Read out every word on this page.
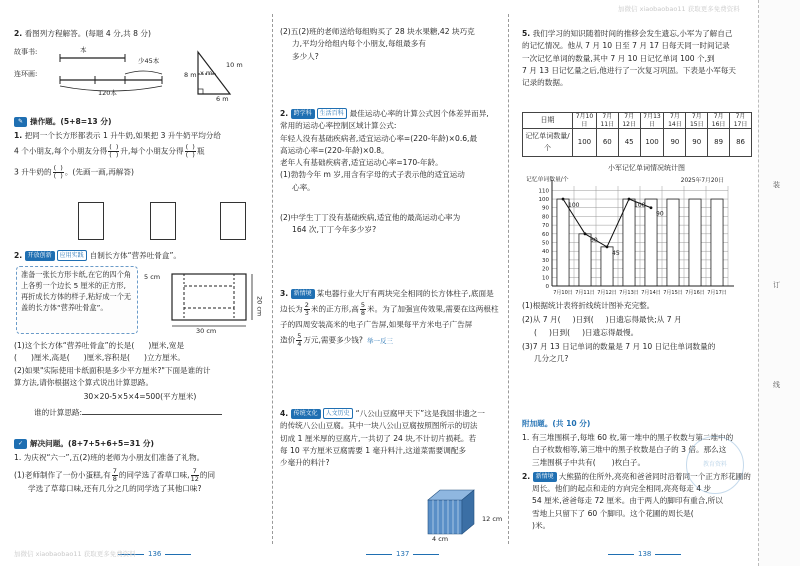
2. 看图列方程解答。(每题 4 分,共 8 分)
故事书:
连环画:
本
少45本
120本
8 m
10 m
6 m
x m
✎ 操作题。(5+8=13 分)
1. 把同一个长方形都表示 1 升牛奶,如果把 3 升牛奶平均分给
4 个小朋友,每个小朋友分得 $\frac{( )}{( )}$ 升,每个小朋友分得 $\frac{( )}{( )}$ 瓶
3 升牛奶的 $\frac{( )}{( )}$ 。(先画一画,再解答)
2. 开放创新 应用实践 自制长方体“营养吐骨盒”。
准备一张长方形卡纸,在它的四个角上各剪一个边长 5 厘米的正方形,再折成长方体的样子,粘好成一个无盖的长方体“营养吐骨盒”。
5 cm
30 cm
20 cm
(1)这个长方体“营养吐骨盒”的长是( )厘米,宽是
( )厘米,高是( )厘米,容积是( )立方厘米。
(2)如果"实际使用卡纸面积是多少平方厘米?"下面是谁的计
算方法,请你根据这个算式说出计算思路。
30×20-5×5×4=500(平方厘米)
谁的计算思路:
✓ 解决问题。(8+7+5+6+5=31 分)
1. 为庆祝“六一”,五(2)班的老师为小朋友们准备了礼物。
(1)老师制作了一份小蛋糕,有 $\frac{7}{8}$ 的同学选了香草口味, $\frac{7}{12}$ 的同
学选了草莓口味,还有几分之几的同学选了其他口味?
136
加微信 xiaobaobao11 获取更多免费资料
(2)五(2)班的老师送给每组购买了 28 块水果糖,42 块巧克
力,平均分给组内每个小朋友,每组最多有
多少人?
2. 跨学科 生活百科 最佳运动心率的计算公式因个体差异而异,
常用的运动心率控制区域计算公式:
年轻人没有基础疾病者,适宜运动心率=(220-年龄)×0.6,最
高运动心率=(220-年龄)×0.8。
老年人有基础疾病者,适宜运动心率=170-年龄。
(1)勃勃今年 m 岁,用含有字母的式子表示他的适宜运动
心率。
(2)中学生丁丁没有基础疾病,适宜他的最高运动心率为
164 次,丁丁今年多少岁?
3. 新情境 某电器行业大厅有两块完全相同的长方体柱子,底面是
边长为 $\frac{2}{3}$ 米的正方形,高 $\frac{5}{8}$ 米。为了加强宣传效果,需要在这两根柱
子的四周安装高米的电子广告屏,如果每平方米电子广告屏
造价 $\frac{5}{4}$ 万元,需要多少钱? 举一反三
4. 传统文化 人文历史 “八公山豆腐甲天下”这是我国非遗之一
的传统八公山豆腐。其中一块八公山豆腐按照图所示的切法
切成 1 厘米厚的豆腐片,一共切了 24 块,不计切片损耗。若
每 10 平方厘米豆腐需要 1 毫升料汁,这道菜需要调配多
少毫升的料汁?
12 cm
4 cm
137
加微信 xiaobaobao11 获取更多免费资料
5. 我们学习的知识随着时间的推移会发生遗忘,小军为了解自己
的记忆情况。他从 7 月 10 日至 7 月 17 日每天同一时间记录
一次记忆单词的数量,其中 7 月 10 日记忆单词 100 个,到
7 月 13 日记忆量之后,他进行了一次复习巩固。下表是小军每天
记录的数据。
日期	7月10日	7月11日	7月12日	7月13日	7月14日	7月15日	7月16日	7月17日
记忆单词数量/个	100	60	45	100	90	90	89	86
小军记忆单词情况统计图
0
10
20
30
40
50
60
70
80
90
100
110
100
60
45
100
90
7月10日 7月11日 7月12日 7月13日 7月14日 7月15日 7月16日 7月17日
记忆单词数量/个	2025年7月20日
(1)根据统计表将折线统计图补充完整。
(2)从 7 月( )日到( )日遗忘得最快;从 7 月
( )日到( )日遗忘得最慢。
(3)7 月 13 日记单词的数量是 7 月 10 日记住单词数量的
几分之几?
附加题。(共 10 分)
1. 有三堆围棋子,每堆 60 枚,第一堆中的黑子枚数与第二堆中的
白子枚数相等,第三堆中的黑子枚数是白子的 3 倍。那么这
三堆围棋子中共有( )枚白子。
2. 新情境 大熊猫的住所外,亮亮和爸爸同时沿着同一个正方形花圃的
周长。他们的起点和走的方向完全相同,亮亮每走 4 步
54 厘米,爸爸每走 72 厘米。由于两人的脚印有重合,所以
雪地上只留下了 60 个脚印。这个花圃的周长是(
)米。
教育资料
138
装
订
线
